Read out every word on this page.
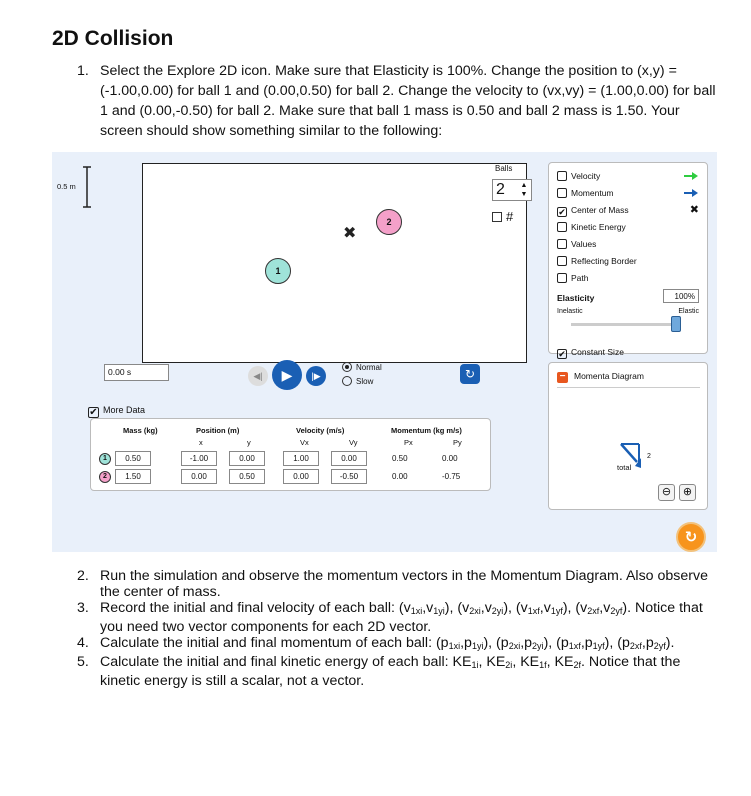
2D Collision
1. Select the Explore 2D icon. Make sure that Elasticity is 100%. Change the position to (x,y) = (-1.00,0.00) for ball 1 and (0.00,0.50) for ball 2. Change the velocity to (vx,vy) = (1.00,0.00) for ball 1 and (0.00,-0.50) for ball 2. Make sure that ball 1 mass is 0.50 and ball 2 mass is 1.50. Your screen should show something similar to the following:
0.5 m
1
2
✖
Balls
2 ▲
▼
#
Velocity
Momentum
✔ Center of Mass	✖
Kinetic Energy
Values
Reflecting Border
Path
Elasticity	100%
Inelastic	Elastic
✔ Constant Size
0.00 s	◀| ▶ |▶
Normal
Slow
↻
✔ More Data
Mass (kg)	Position (m)	Velocity (m/s)	Momentum (kg m/s)
x	y	Vx	Vy	Px	Py
1	0.50	-1.00	0.00	1.00	0.00	0.50	0.00
2	1.50	0.00	0.50	0.00	-0.50	0.00	-0.75
− Momenta Diagram
total
2
⊖	⊕
↻
2. Run the simulation and observe the momentum vectors in the Momentum Diagram. Also observe the center of mass.
3. Record the initial and final velocity of each ball: $(v_{1xi},v_{1yi})$, $(v_{2xi},v_{2yi})$, $(v_{1xf},v_{1yf})$, $(v_{2xf},v_{2yf})$. Notice that you need two vector components for each 2D vector.
4. Calculate the initial and final momentum of each ball: $(p_{1xi},p_{1yi})$, $(p_{2xi},p_{2yi})$, $(p_{1xf},p_{1yf})$, $(p_{2xf},p_{2yf})$.
5. Calculate the initial and final kinetic energy of each ball: $KE_{1i}$, $KE_{2i}$, $KE_{1f}$, $KE_{2f}$. Notice that the kinetic energy is still a scalar, not a vector.
